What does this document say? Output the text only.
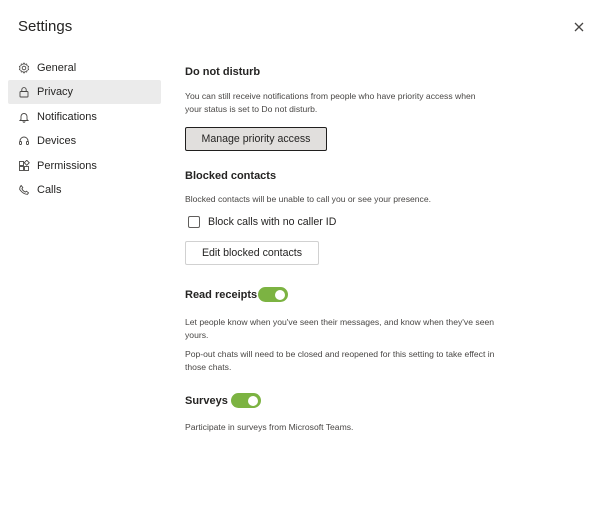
Settings
General
Privacy
Notifications
Devices
Permissions
Calls
Do not disturb
You can still receive notifications from people who have priority access when your status is set to Do not disturb.
Manage priority access
Blocked contacts
Blocked contacts will be unable to call you or see your presence.
Block calls with no caller ID
Edit blocked contacts
Read receipts
Let people know when you've seen their messages, and know when they've seen yours.
Pop-out chats will need to be closed and reopened for this setting to take effect in those chats.
Surveys
Participate in surveys from Microsoft Teams.
